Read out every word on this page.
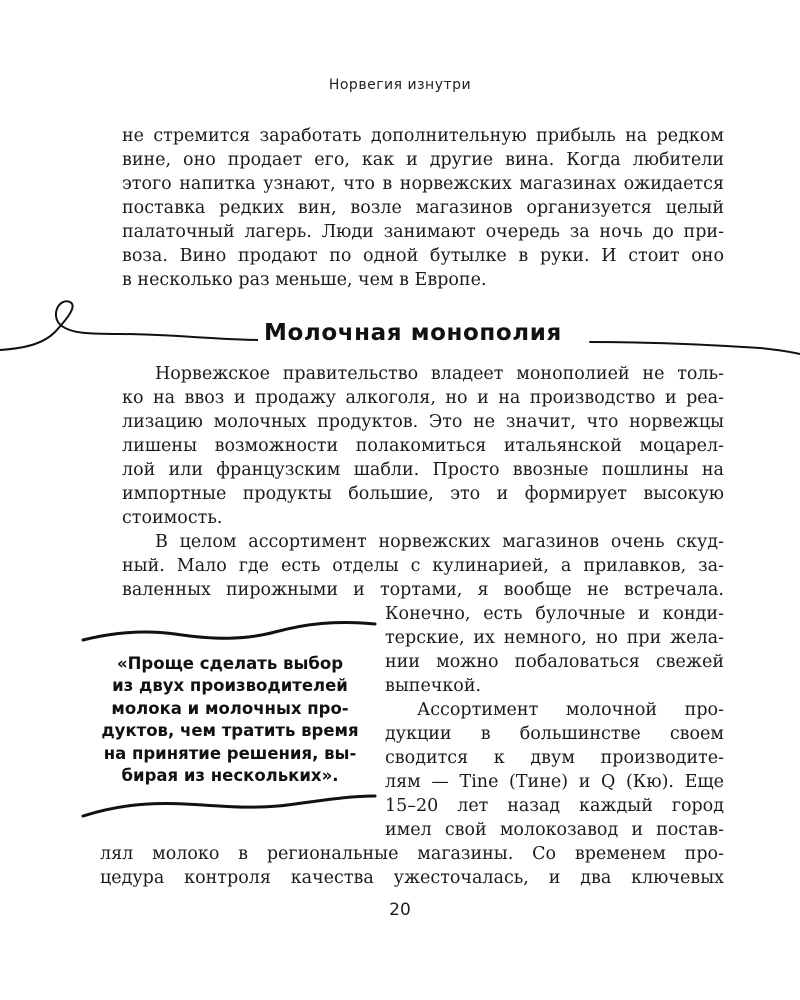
Норвегия изнутри
не стремится заработать дополнительную прибыль на редком
вине, оно продает его, как и другие вина. Когда любители
этого напитка узнают, что в норвежских магазинах ожидается
поставка редких вин, возле магазинов организуется целый
палаточный лагерь. Люди занимают очередь за ночь до при-
воза. Вино продают по одной бутылке в руки. И стоит оно
в несколько раз меньше, чем в Европе.
Молочная монополия
Норвежское правительство владеет монополией не толь-
ко на ввоз и продажу алкоголя, но и на производство и реа-
лизацию молочных продуктов. Это не значит, что норвежцы
лишены возможности полакомиться итальянской моцарел-
лой или французским шабли. Просто ввозные пошлины на
импортные продукты большие, это и формирует высокую
стоимость.
В целом ассортимент норвежских магазинов очень скуд-
ный. Мало где есть отделы с кулинарией, а прилавков, за-
валенных пирожными и тортами, я вообще не встречала.
Конечно, есть булочные и конди-
терские, их немного, но при жела-
нии можно побаловаться свежей
выпечкой.
Ассортимент молочной про-
дукции в большинстве своем
сводится к двум производите-
лям — Tine (Тине) и Q (Кю). Еще
15–20 лет назад каждый город
имел свой молокозавод и постав-
лял молоко в региональные магазины. Со временем про-
цедура контроля качества ужесточалась, и два ключевых
«Проще сделать выбор
из двух производителей
молока и молочных про-
дуктов, чем тратить время
на принятие решения, вы-
бирая из нескольких».
20
